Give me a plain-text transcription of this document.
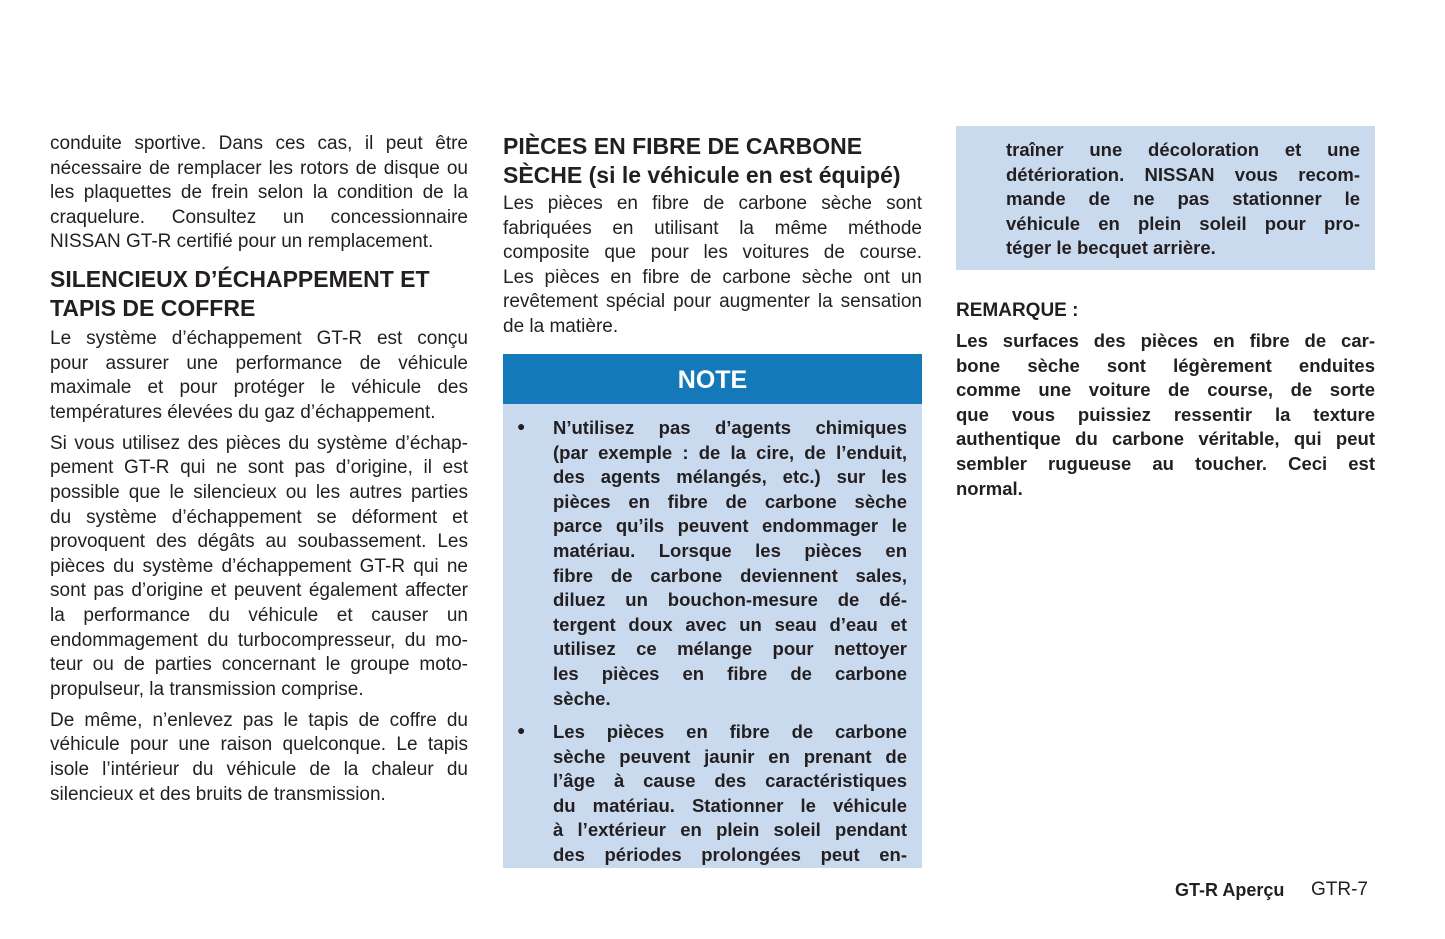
conduite sportive. Dans ces cas, il peut être
nécessaire de remplacer les rotors de disque ou
les plaquettes de frein selon la condition de la
craquelure. Consultez un concessionnaire
NISSAN GT-R certifié pour un remplacement.
SILENCIEUX D’ÉCHAPPEMENT ET
TAPIS DE COFFRE
Le système d’échappement GT-R est conçu
pour assurer une performance de véhicule
maximale et pour protéger le véhicule des
températures élevées du gaz d’échappement.
Si vous utilisez des pièces du système d’échap-
pement GT-R qui ne sont pas d’origine, il est
possible que le silencieux ou les autres parties
du système d’échappement se déforment et
provoquent des dégâts au soubassement. Les
pièces du système d’échappement GT-R qui ne
sont pas d’origine et peuvent également affecter
la performance du véhicule et causer un
endommagement du turbocompresseur, du mo-
teur ou de parties concernant le groupe moto-
propulseur, la transmission comprise.
De même, n’enlevez pas le tapis de coffre du
véhicule pour une raison quelconque. Le tapis
isole l’intérieur du véhicule de la chaleur du
silencieux et des bruits de transmission.
PIÈCES EN FIBRE DE CARBONE
SÈCHE (si le véhicule en est équipé)
Les pièces en fibre de carbone sèche sont
fabriquées en utilisant la même méthode
composite que pour les voitures de course.
Les pièces en fibre de carbone sèche ont un
revêtement spécial pour augmenter la sensation
de la matière.
NOTE
● N’utilisez pas d’agents chimiques
(par exemple : de la cire, de l’enduit,
des agents mélangés, etc.) sur les
pièces en fibre de carbone sèche
parce qu’ils peuvent endommager le
matériau. Lorsque les pièces en
fibre de carbone deviennent sales,
diluez un bouchon-mesure de dé-
tergent doux avec un seau d’eau et
utilisez ce mélange pour nettoyer
les pièces en fibre de carbone
sèche.
● Les pièces en fibre de carbone
sèche peuvent jaunir en prenant de
l’âge à cause des caractéristiques
du matériau. Stationner le véhicule
à l’extérieur en plein soleil pendant
des périodes prolongées peut en-
traîner une décoloration et une
détérioration. NISSAN vous recom-
mande de ne pas stationner le
véhicule en plein soleil pour pro-
téger le becquet arrière.
REMARQUE :
Les surfaces des pièces en fibre de car-
bone sèche sont légèrement enduites
comme une voiture de course, de sorte
que vous puissiez ressentir la texture
authentique du carbone véritable, qui peut
sembler rugueuse au toucher. Ceci est
normal.
GT-R Aperçu GTR-7
